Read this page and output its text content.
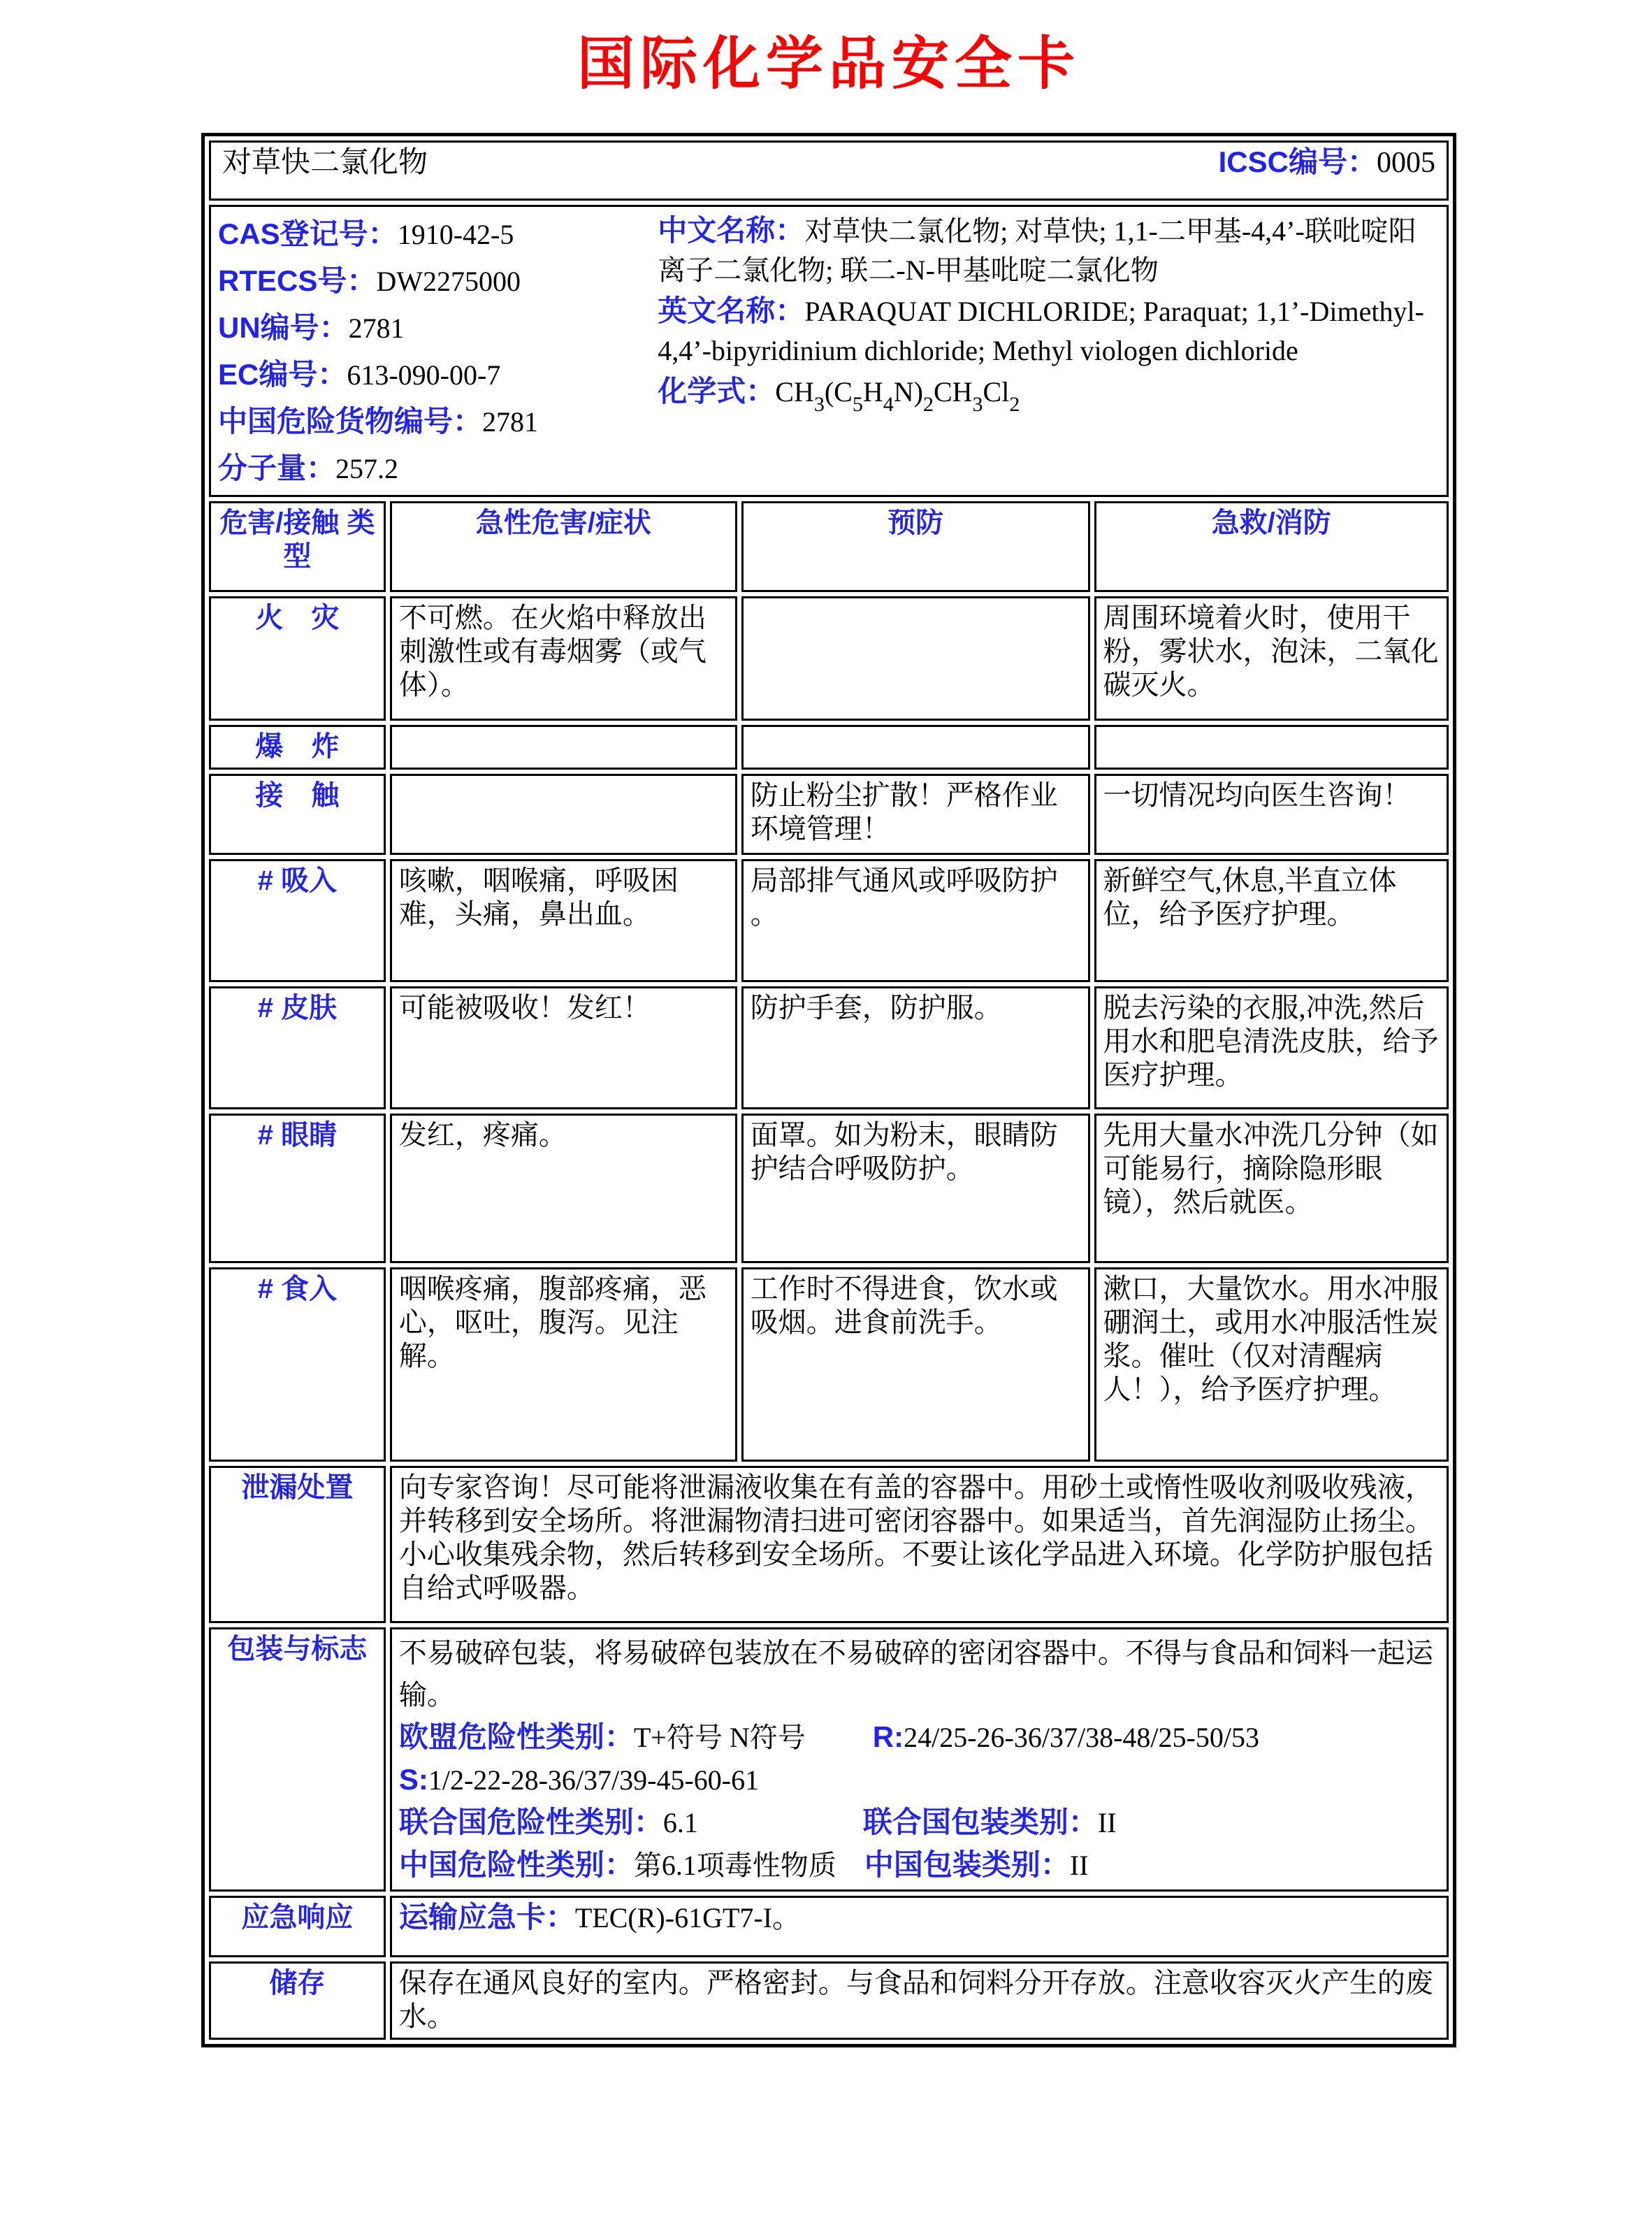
国际化学品安全卡
对草快二氯化物 ICSC编号：0005			

CAS登记号：1910-42-5
RTECS号：DW2275000
UN编号：2781
EC编号：613-090-00-7
中国危险货物编号：2781
分子量：257.2
中文名称：对草快二氯化物; 对草快; 1,1-二甲基-4,4’-联吡啶阳离子二氯化物; 联二-N-甲基吡啶二氯化物
英文名称：PARAQUAT DICHLORIDE; Paraquat; 1,1’-Dimethyl-4,4’-bipyridinium dichloride; Methyl viologen dichloride
化学式：$CH_3(C_5H_4N)_2CH_3Cl_2$

危害/接触 类型	急性危害/症状	预防	急救/消防
火　灾	不可燃。在火焰中释放出刺激性或有毒烟雾（或气体）。		周围环境着火时，使用干粉，雾状水，泡沫，二氧化碳灭火。
爆　炸			
接　触		防止粉尘扩散！严格作业环境管理！	一切情况均向医生咨询！
# 吸入	咳嗽，咽喉痛，呼吸困难，头痛，鼻出血。	局部排气通风或呼吸防护 。	新鲜空气,休息,半直立体位，给予医疗护理。
# 皮肤	可能被吸收！发红！	防护手套，防护服。	脱去污染的衣服,冲洗,然后用水和肥皂清洗皮肤，给予医疗护理。
# 眼睛	发红，疼痛。	面罩。如为粉末，眼睛防护结合呼吸防护。	先用大量水冲洗几分钟（如可能易行，摘除隐形眼镜），然后就医。
# 食入	咽喉疼痛，腹部疼痛，恶心，呕吐，腹泻。见注解。	工作时不得进食，饮水或吸烟。进食前洗手。	漱口，大量饮水。用水冲服硼润土，或用水冲服活性炭浆。催吐（仅对清醒病人！），给予医疗护理。
泄漏处置	向专家咨询！尽可能将泄漏液收集在有盖的容器中。用砂土或惰性吸收剂吸收残液，并转移到安全场所。将泄漏物清扫进可密闭容器中。如果适当，首先润湿防止扬尘。小心收集残余物，然后转移到安全场所。不要让该化学品进入环境。化学防护服包括自给式呼吸器。		
包装与标志	不易破碎包装，将易破碎包装放在不易破碎的密闭容器中。不得与食品和饲料一起运输。
欧盟危险性类别：T+符号 N符号 R:24/25-26-36/37/38-48/25-50/53
S:1/2-22-28-36/37/39-45-60-61
联合国危险性类别：6.1 联合国包装类别：II
中国危险性类别：第6.1项毒性物质 中国包装类别：II		

应急响应	运输应急卡：TEC(R)-61GT7-I。		
储存	保存在通风良好的室内。严格密封。与食品和饲料分开存放。注意收容灭火产生的废水。		
